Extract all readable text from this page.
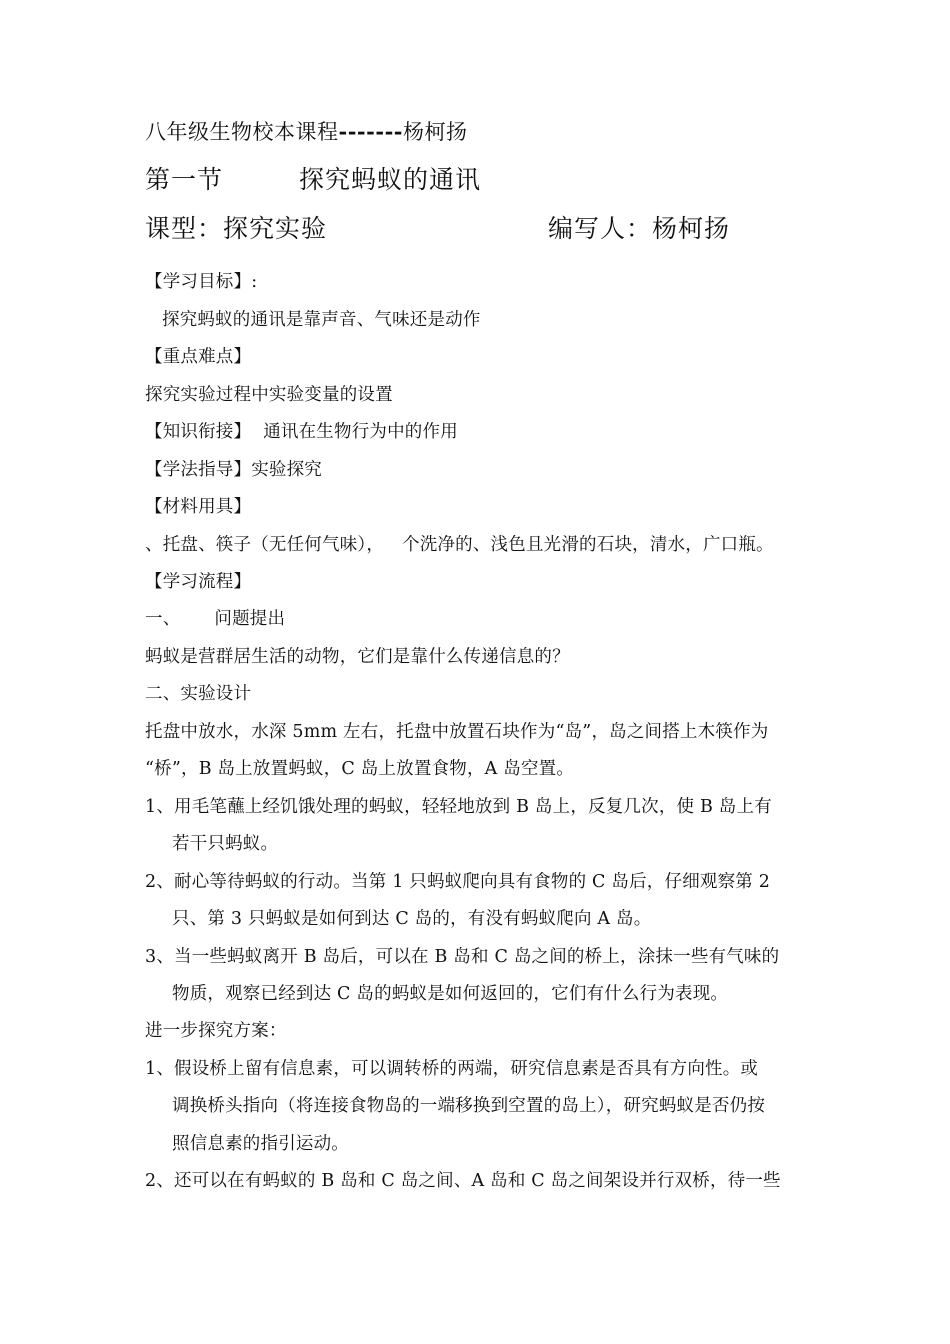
八年级生物校本课程-------杨柯扬
第一节	探究蚂蚁的通讯
课型：探究实验	编写人：杨柯扬
【学习目标】:
探究蚂蚁的通讯是靠声音、气味还是动作
【重点难点】
探究实验过程中实验变量的设置
【知识衔接】 通讯在生物行为中的作用
【学法指导】实验探究
【材料用具】
、托盘、筷子（无任何气味）， 个洗净的、浅色且光滑的石块，清水，广口瓶。
【学习流程】
一、 问题提出
蚂蚁是营群居生活的动物，它们是靠什么传递信息的？
二、实验设计
托盘中放水，水深 5mm 左右，托盘中放置石块作为“岛”，岛之间搭上木筷作为
“桥”，B 岛上放置蚂蚁，C 岛上放置食物，A 岛空置。
1、用毛笔蘸上经饥饿处理的蚂蚁，轻轻地放到 B 岛上，反复几次，使 B 岛上有
若干只蚂蚁。
2、耐心等待蚂蚁的行动。当第 1 只蚂蚁爬向具有食物的 C 岛后，仔细观察第 2
只、第 3 只蚂蚁是如何到达 C 岛的，有没有蚂蚁爬向 A 岛。
3、当一些蚂蚁离开 B 岛后，可以在 B 岛和 C 岛之间的桥上，涂抹一些有气味的
物质，观察已经到达 C 岛的蚂蚁是如何返回的，它们有什么行为表现。
进一步探究方案：
1、假设桥上留有信息素，可以调转桥的两端，研究信息素是否具有方向性。或
调换桥头指向（将连接食物岛的一端移换到空置的岛上），研究蚂蚁是否仍按
照信息素的指引运动。
2、还可以在有蚂蚁的 B 岛和 C 岛之间、A 岛和 C 岛之间架设并行双桥，待一些
